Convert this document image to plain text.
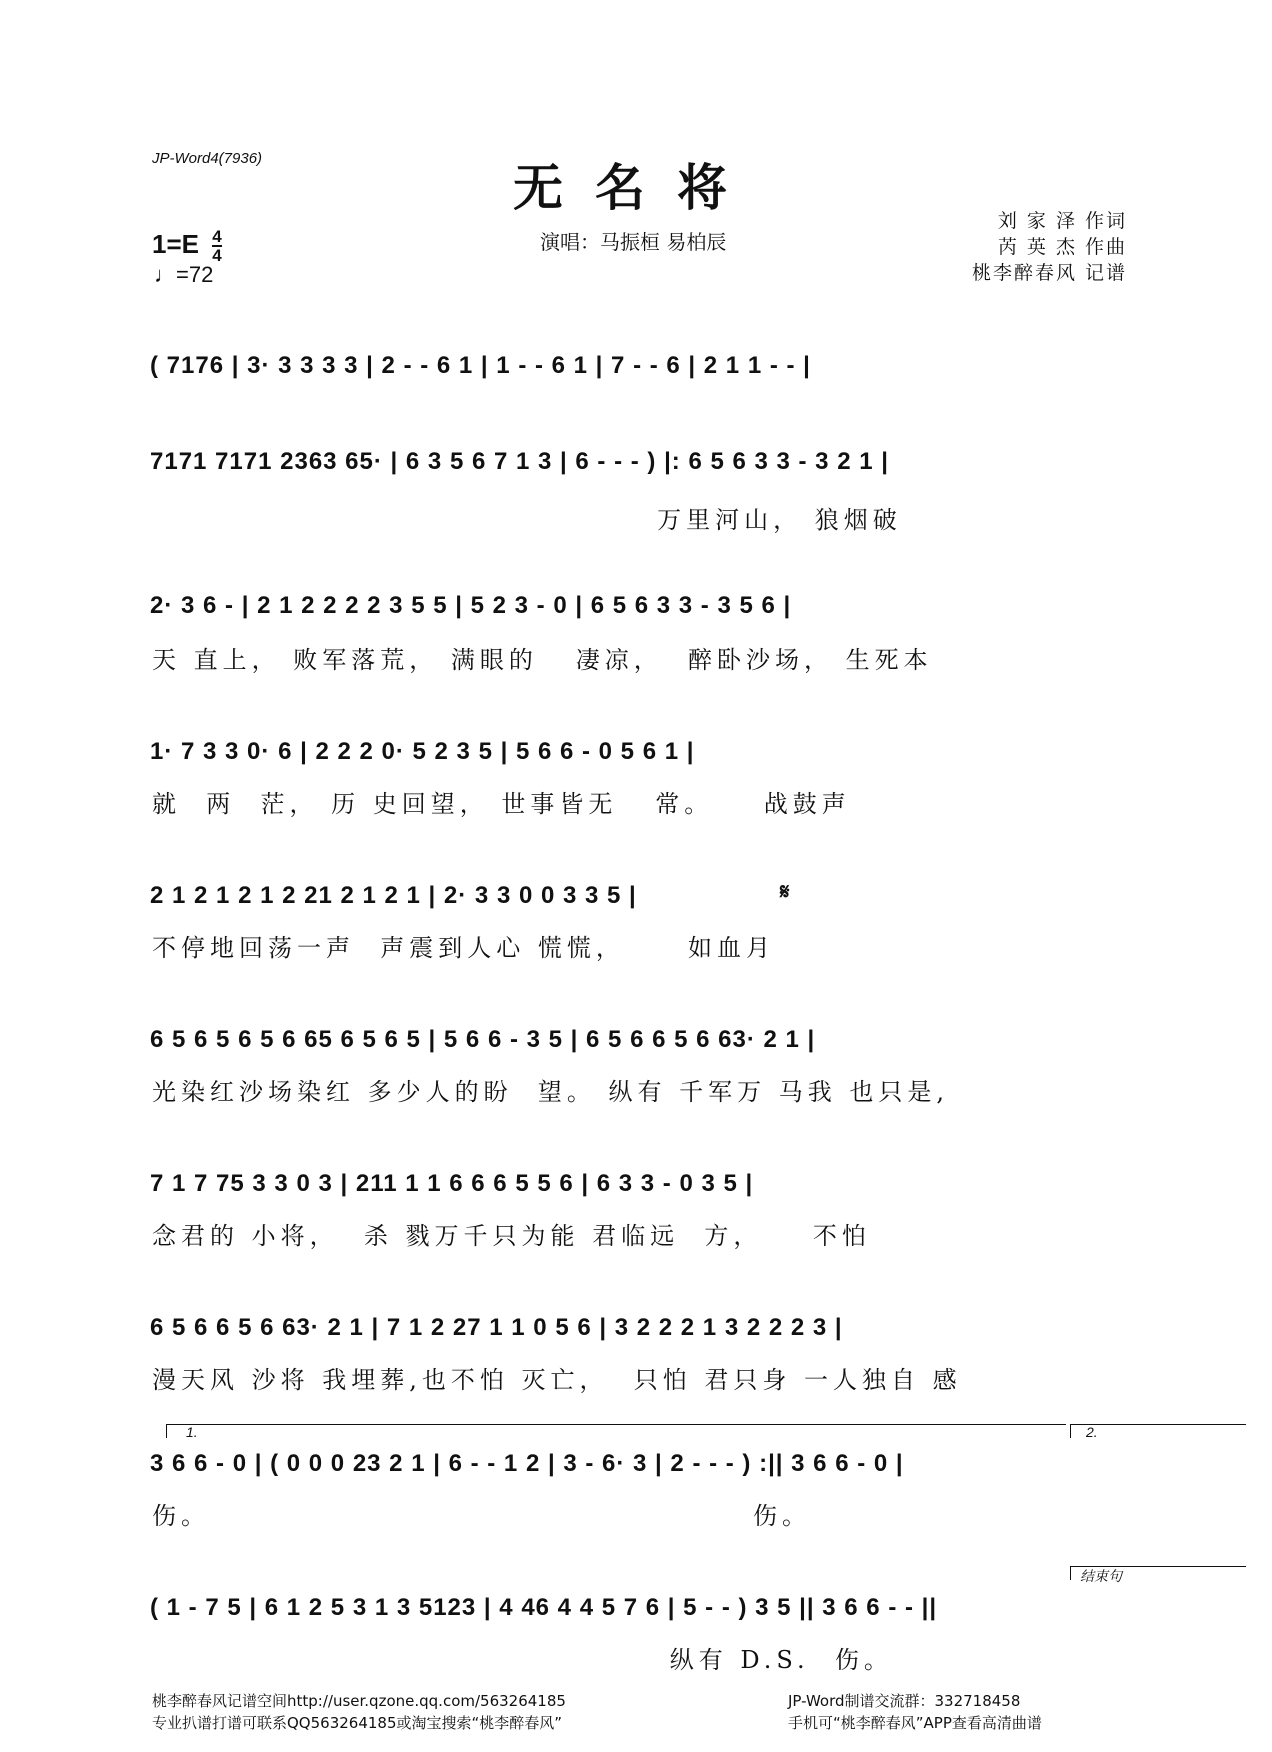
JP-Word4(7936)	无名将
$1=E \frac{4}{4}$
♩=72
演唱：马振桓 易柏辰
刘 家 泽 作词
芮 英 杰 作曲
桃李醉春风 记谱
( 7176 | 3· 3 3 3 3 | 2 - - 6 1 | 1 - - 6 1 | 7 - - 6 | 2 1 1 - - |
7171 7171 2363 65· | 6 3 5 6 7 1 3 | 6 - - - ) |: 6 5 6 3 3 - 3 2 1 |
万里河山， 狼烟破
2· 3 6 - | 2 1 2 2 2 2 3 5 5 | 5 2 3 - 0 | 6 5 6 3 3 - 3 5 6 |
天 直上， 败军落荒， 满眼的   凄凉，  醉卧沙场， 生死本
1· 7 3 3 0· 6 | 2 2 2 0· 5 2 3 5 | 5 6 6 - 0 5 6 1 |
就  两  茫， 历 史回望， 世事皆无   常。    战鼓声
2 1 2 1 2 1 2 21 2 1 2 1 | 2· 3 3 0 0 3 3 5 |
不停地回荡一声  声震到人心 慌慌，     如血月
𝄋
6 5 6 5 6 5 6 65 6 5 6 5 | 5 6 6 - 3 5 | 6 5 6 6 5 6 63· 2 1 |
光染红沙场染红 多少人的盼  望。 纵有 千军万 马我 也只是,
7 1 7 75 3 3 0 3 | 211 1 1 6 6 6 5 5 6 | 6 3 3 - 0 3 5 |
念君的 小将，  杀 戮万千只为能 君临远  方，    不怕
6 5 6 6 5 6 63· 2 1 | 7 1 2 27 1 1 0 5 6 | 3 2 2 2 1 3 2 2 2 3 |
漫天风 沙将 我埋葬,也不怕 灭亡，  只怕 君只身 一人独自 感
1.	2.
3 6 6 - 0 | ( 0 0 0 23 2 1 | 6 - - 1 2 | 3 - 6· 3 | 2 - - - ) :|| 3 6 6 - 0 |
伤。                                           伤。
结束句
( 1 - 7 5 | 6 1 2 5 3 1 3 5123 | 4 46 4 4 5 7 6 | 5 - - ) 3 5 || 3 6 6 - - ||
纵有 D.S.  伤。
桃李醉春风记谱空间http://user.qzone.qq.com/563264185
专业扒谱打谱可联系QQ563264185或淘宝搜索“桃李醉春风”
JP-Word制谱交流群：332718458
手机可“桃李醉春风”APP查看高清曲谱
